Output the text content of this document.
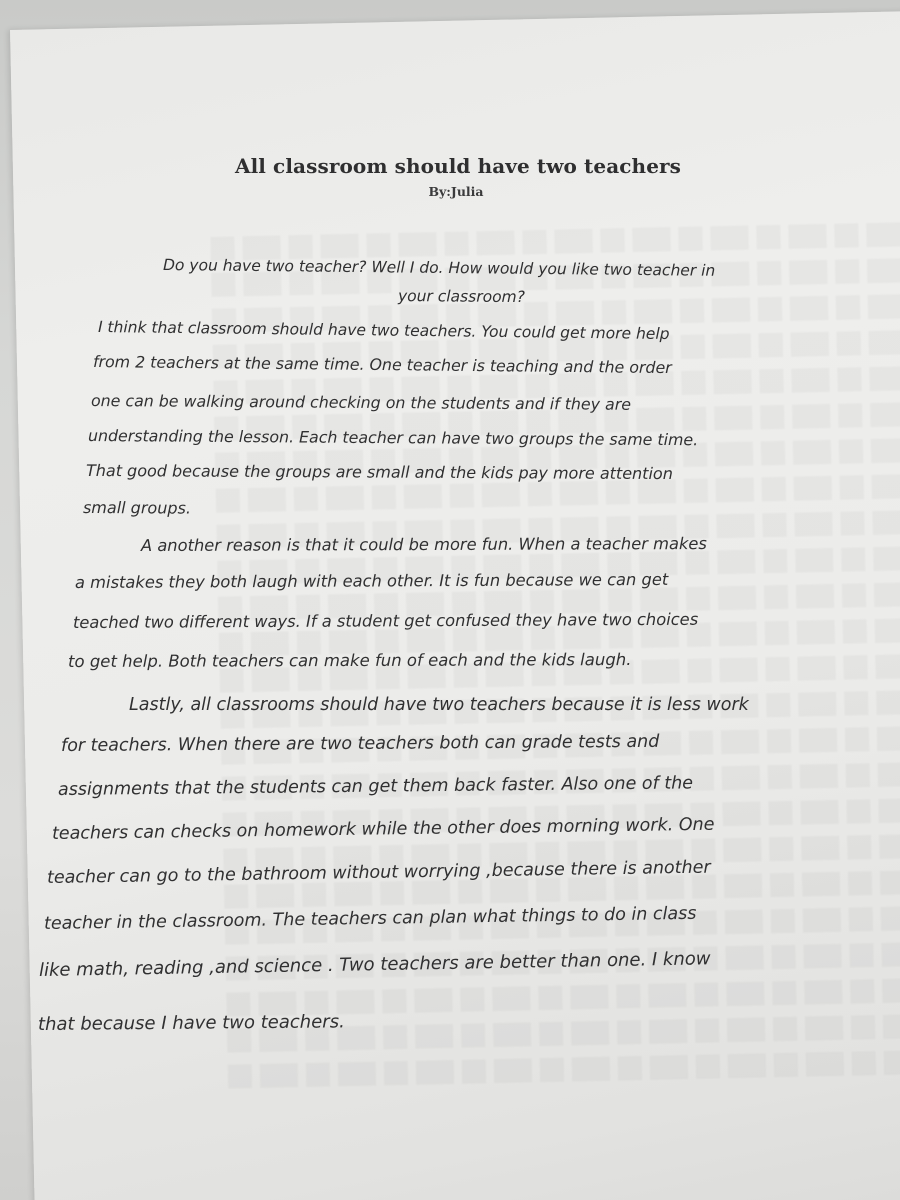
All classroom should have two teachers
By:Julia
Do you have two teacher? Well I do. How would you like two teacher in
your classroom?
I think that classroom should have two teachers. You could get more help
from 2 teachers at the same time. One teacher is teaching and the order
one can be walking around checking on the students and if they are
understanding the lesson. Each teacher can have two groups the same time.
That good because the groups are small and the kids pay more attention
small groups.
A another reason is that it could be more fun. When a teacher makes
a mistakes they both laugh with each other. It is fun because we can get
teached two different ways. If a student get confused they have two choices
to get help. Both teachers can make fun of each and the kids laugh.
Lastly, all classrooms should have two teachers because it is less work
for teachers. When there are two teachers both can grade tests and
assignments that the students can get them back faster. Also one of the
teachers can checks on homework while the other does morning work. One
teacher can go to the bathroom without worrying ,because there is another
teacher in the classroom. The teachers can plan what things to do in class
like math, reading ,and science . Two teachers are better than one. I know
that because I have two teachers.
